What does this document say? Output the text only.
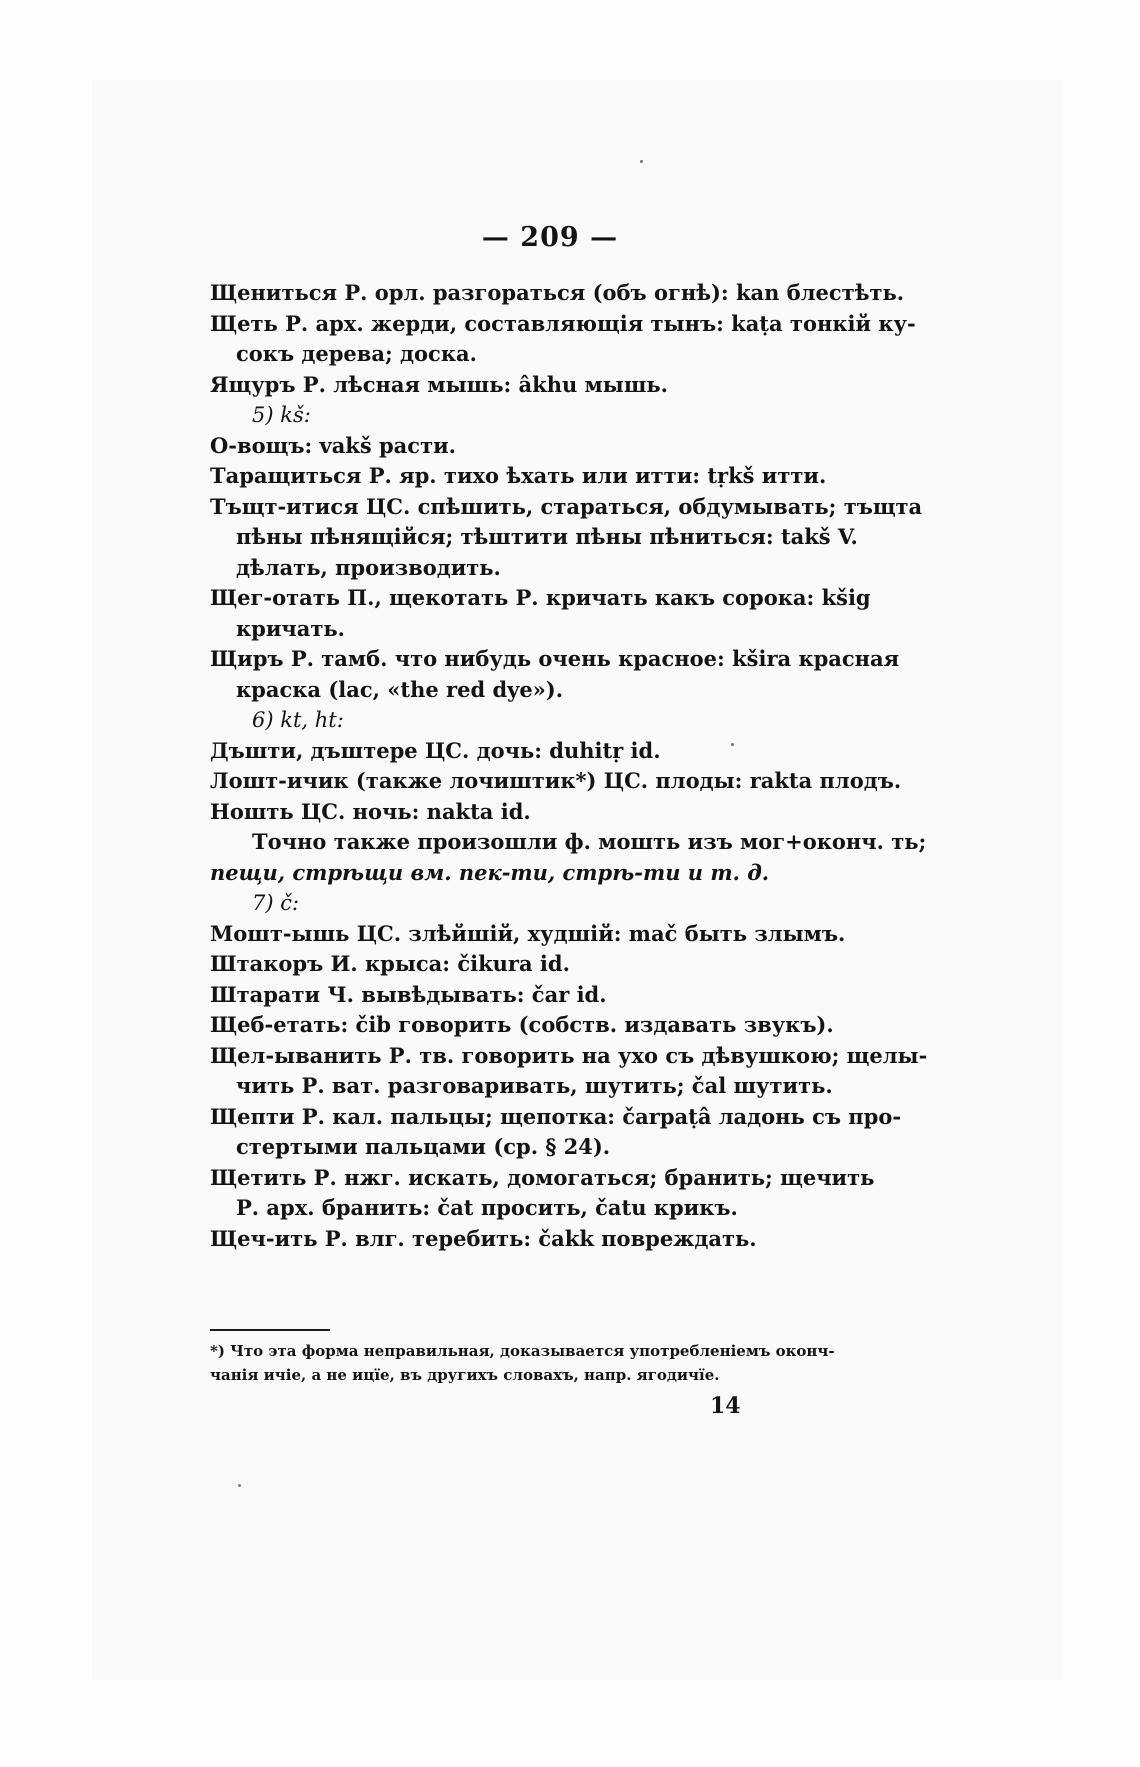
— 209 —
Щениться Р. орл. разгораться (объ огнѣ): kan блестѣть.
Щеть Р. арх. жерди, составляющія тынъ: kaṭa тонкій ку-
сокъ дерева; доска.
Ящуръ Р. лѣсная мышь: âkhu мышь.
5) kš:
О-вощъ: vakš расти.
Таращиться Р. яр. тихо ѣхать или итти: tṛkš итти.
Тъщт-итися ЦС. спѣшить, стараться, обдумывать; тъщта
пѣны пѣнящійся; тѣштити пѣны пѣниться: takš V.
дѣлать, производить.
Щег-отать П., щекотать Р. кричать какъ сорока: kšig
кричать.
Щиръ Р. тамб. что нибудь очень красное: kšira красная
краска (lac, «the red dye»).
6) kt, ht:
Дъшти, дъштере ЦС. дочь: duhitṛ id.
Лошт-ичик (также лочиштик*) ЦС. плоды: rakta плодъ.
Ношть ЦС. ночь: nakta id.
Точно также произошли ф. мошть изъ мог+оконч. ть;
пещи, стрѣщи вм. пек-ти, стрѣ-ти и т. д.
7) č:
Мошт-ышь ЦС. злѣйшій, худшій: mač быть злымъ.
Штакоръ И. крыса: čikura id.
Штарати Ч. вывѣдывать: čar id.
Щеб-етать: čib говорить (собств. издавать звукъ).
Щел-ыванить Р. тв. говорить на ухо съ дѣвушкою; щелы-
чить Р. ват. разговаривать, шутить; čal шутить.
Щепти Р. кал. пальцы; щепотка: čarpaṭâ ладонь съ про-
стертыми пальцами (ср. § 24).
Щетить Р. нжг. искать, домогаться; бранить; щечить
Р. арх. бранить: čat просить, čatu крикъ.
Щеч-ить Р. влг. теребить: čakk повреждать.
*) Что эта форма неправильная, доказывается употребленіемъ оконч-
чанія ичіе, а не ицїе, въ другихъ словахъ, напр. ягодичїе.
14
